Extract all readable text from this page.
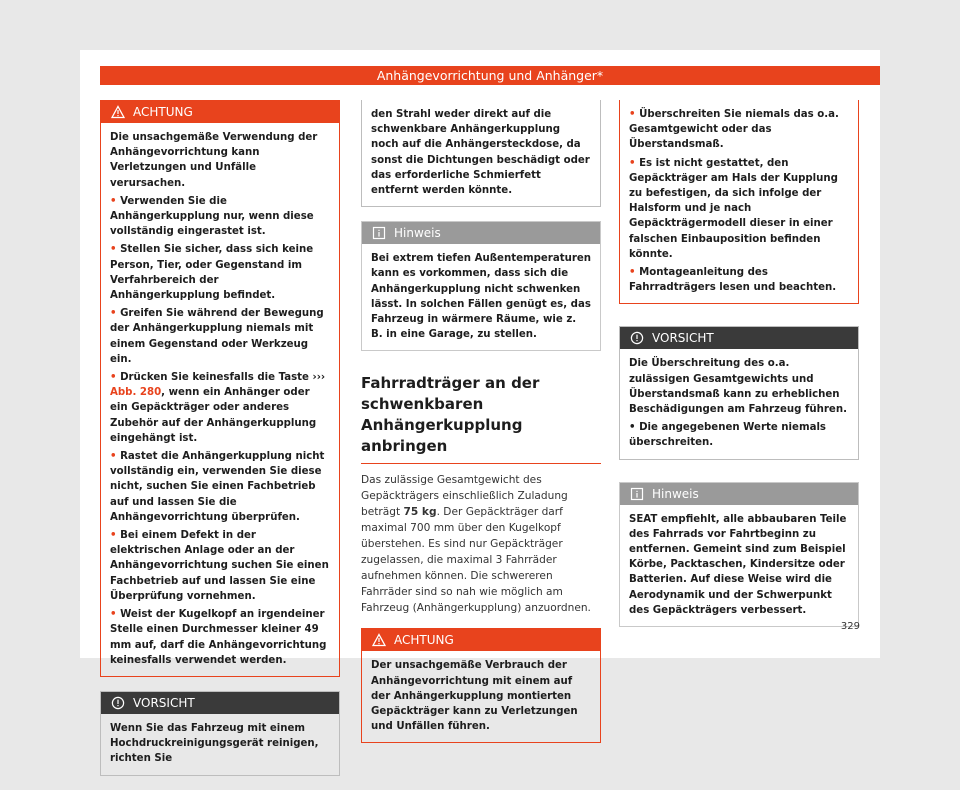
Anhängevorrichtung und Anhänger*
ACHTUNG

Die unsachgemäße Verwendung der Anhängevorrichtung kann Verletzungen und Unfälle verursachen.

• Verwenden Sie die Anhängerkupplung nur, wenn diese vollständig eingerastet ist.
• Stellen Sie sicher, dass sich keine Person, Tier, oder Gegenstand im Verfahrbereich der Anhängerkupplung befindet.
• Greifen Sie während der Bewegung der Anhängerkupplung niemals mit einem Gegenstand oder Werkzeug ein.
• Drücken Sie keinesfalls die Taste ››› Abb. 280, wenn ein Anhänger oder ein Gepäckträger oder anderes Zubehör auf der Anhängerkupplung eingehängt ist.
• Rastet die Anhängerkupplung nicht vollständig ein, verwenden Sie diese nicht, suchen Sie einen Fachbetrieb auf und lassen Sie die Anhängevorrichtung überprüfen.
• Bei einem Defekt in der elektrischen Anlage oder an der Anhängevorrichtung suchen Sie einen Fachbetrieb auf und lassen Sie eine Überprüfung vornehmen.
• Weist der Kugelkopf an irgendeiner Stelle einen Durchmesser kleiner 49 mm auf, darf die Anhängevorrichtung keinesfalls verwendet werden.
VORSICHT

Wenn Sie das Fahrzeug mit einem Hochdruckreinigungsgerät reinigen, richten Sie

den Strahl weder direkt auf die schwenkbare Anhängerkupplung noch auf die Anhängersteckdose, da sonst die Dichtungen beschädigt oder das erforderliche Schmierfett entfernt werden könnte.

Hinweis

Bei extrem tiefen Außentemperaturen kann es vorkommen, dass sich die Anhängerkupplung nicht schwenken lässt. In solchen Fällen genügt es, das Fahrzeug in wärmere Räume, wie z. B. in eine Garage, zu stellen.

Fahrradträger an der schwenkbaren Anhängerkupplung anbringen

Das zulässige Gesamtgewicht des Gepäckträgers einschließlich Zuladung beträgt 75 kg. Der Gepäckträger darf maximal 700 mm über den Kugelkopf überstehen. Es sind nur Gepäckträger zugelassen, die maximal 3 Fahrräder aufnehmen können. Die schwereren Fahrräder sind so nah wie möglich am Fahrzeug (Anhängerkupplung) anzuordnen.

ACHTUNG

Der unsachgemäße Verbrauch der Anhängevorrichtung mit einem auf der Anhängerkupplung montierten Gepäckträger kann zu Verletzungen und Unfällen führen.

• Überschreiten Sie niemals das o.a. Gesamtgewicht oder das Überstandsmaß.
• Es ist nicht gestattet, den Gepäckträger am Hals der Kupplung zu befestigen, da sich infolge der Halsform und je nach Gepäckträgermodell dieser in einer falschen Einbauposition befinden könnte.
• Montageanleitung des Fahrradträgers lesen und beachten.
VORSICHT

Die Überschreitung des o.a. zulässigen Gesamtgewichts und Überstandsmaß kann zu erheblichen Beschädigungen am Fahrzeug führen.

• Die angegebenen Werte niemals überschreiten.
Hinweis

SEAT empfiehlt, alle abbaubaren Teile des Fahrrads vor Fahrtbeginn zu entfernen. Gemeint sind zum Beispiel Körbe, Packtaschen, Kindersitze oder Batterien. Auf diese Weise wird die Aerodynamik und der Schwerpunkt des Gepäckträgers verbessert.

329
